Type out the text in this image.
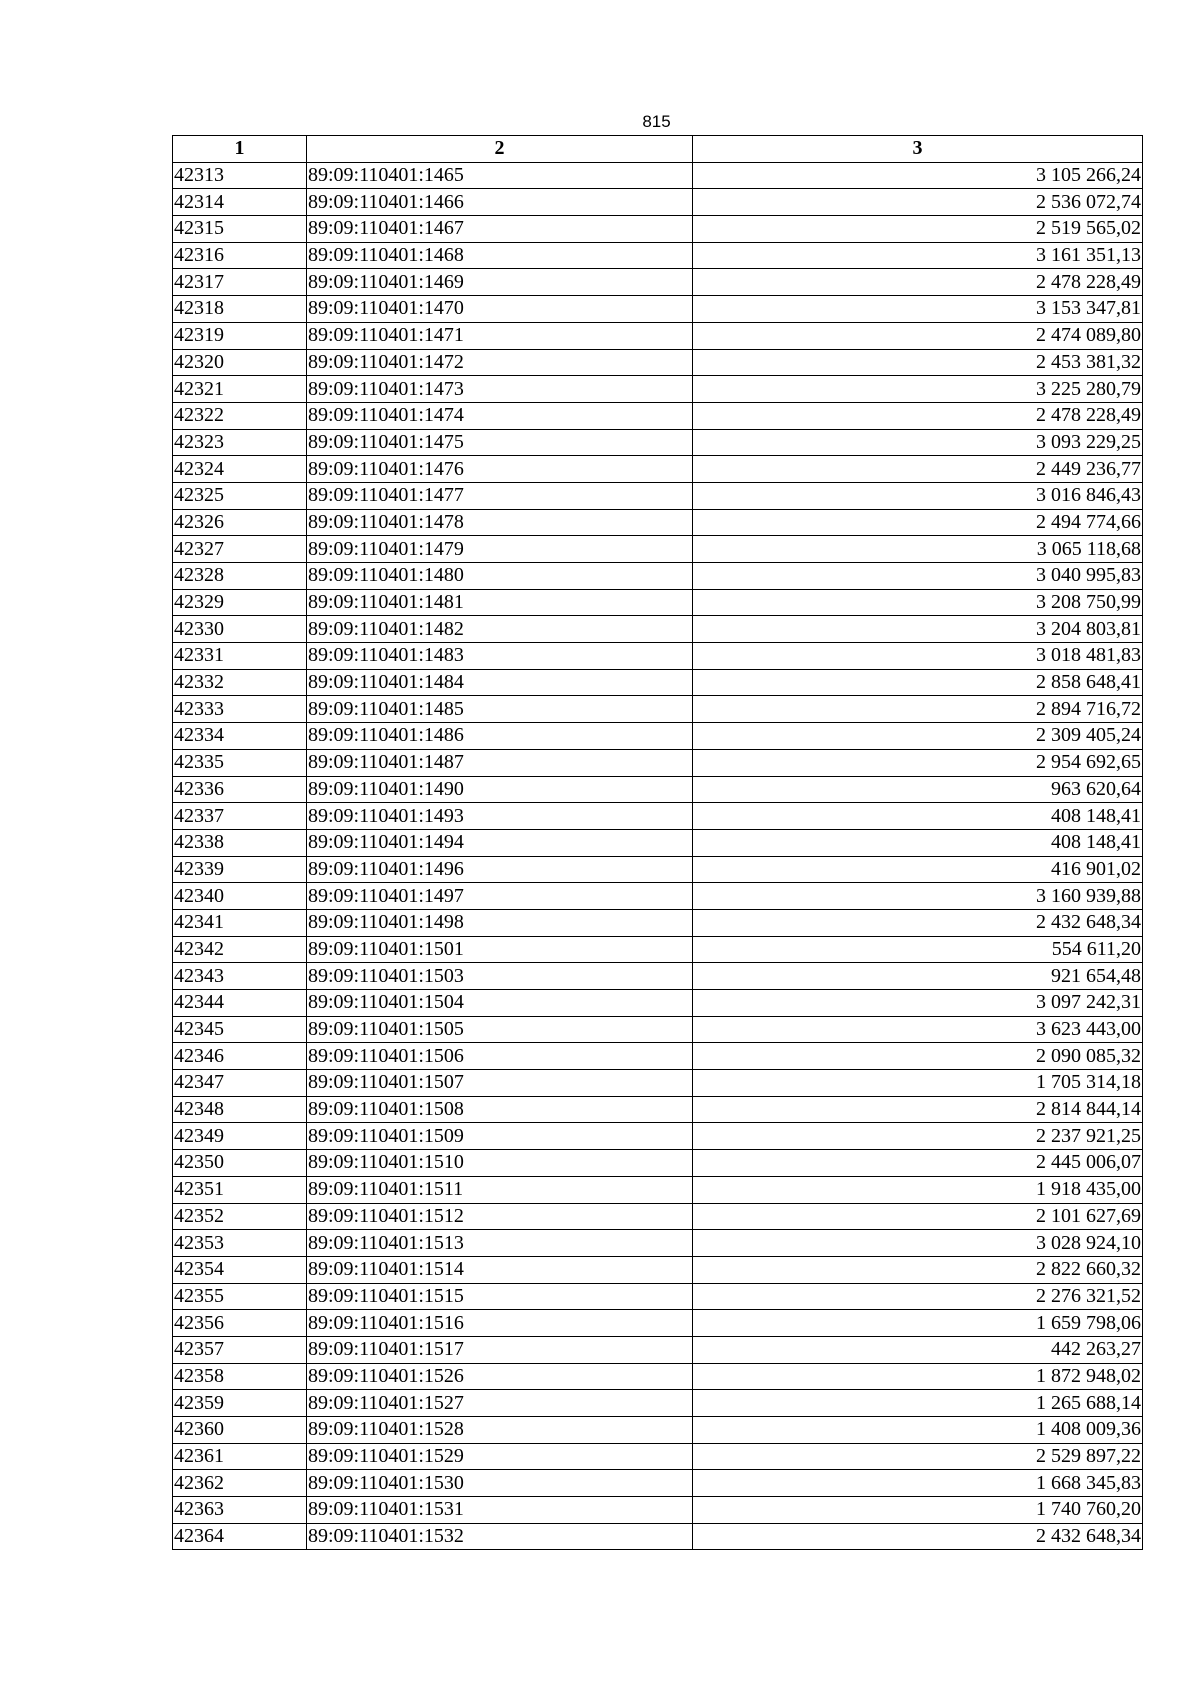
815
1	2	3
42313	89:09:110401:1465	3 105 266,24
42314	89:09:110401:1466	2 536 072,74
42315	89:09:110401:1467	2 519 565,02
42316	89:09:110401:1468	3 161 351,13
42317	89:09:110401:1469	2 478 228,49
42318	89:09:110401:1470	3 153 347,81
42319	89:09:110401:1471	2 474 089,80
42320	89:09:110401:1472	2 453 381,32
42321	89:09:110401:1473	3 225 280,79
42322	89:09:110401:1474	2 478 228,49
42323	89:09:110401:1475	3 093 229,25
42324	89:09:110401:1476	2 449 236,77
42325	89:09:110401:1477	3 016 846,43
42326	89:09:110401:1478	2 494 774,66
42327	89:09:110401:1479	3 065 118,68
42328	89:09:110401:1480	3 040 995,83
42329	89:09:110401:1481	3 208 750,99
42330	89:09:110401:1482	3 204 803,81
42331	89:09:110401:1483	3 018 481,83
42332	89:09:110401:1484	2 858 648,41
42333	89:09:110401:1485	2 894 716,72
42334	89:09:110401:1486	2 309 405,24
42335	89:09:110401:1487	2 954 692,65
42336	89:09:110401:1490	963 620,64
42337	89:09:110401:1493	408 148,41
42338	89:09:110401:1494	408 148,41
42339	89:09:110401:1496	416 901,02
42340	89:09:110401:1497	3 160 939,88
42341	89:09:110401:1498	2 432 648,34
42342	89:09:110401:1501	554 611,20
42343	89:09:110401:1503	921 654,48
42344	89:09:110401:1504	3 097 242,31
42345	89:09:110401:1505	3 623 443,00
42346	89:09:110401:1506	2 090 085,32
42347	89:09:110401:1507	1 705 314,18
42348	89:09:110401:1508	2 814 844,14
42349	89:09:110401:1509	2 237 921,25
42350	89:09:110401:1510	2 445 006,07
42351	89:09:110401:1511	1 918 435,00
42352	89:09:110401:1512	2 101 627,69
42353	89:09:110401:1513	3 028 924,10
42354	89:09:110401:1514	2 822 660,32
42355	89:09:110401:1515	2 276 321,52
42356	89:09:110401:1516	1 659 798,06
42357	89:09:110401:1517	442 263,27
42358	89:09:110401:1526	1 872 948,02
42359	89:09:110401:1527	1 265 688,14
42360	89:09:110401:1528	1 408 009,36
42361	89:09:110401:1529	2 529 897,22
42362	89:09:110401:1530	1 668 345,83
42363	89:09:110401:1531	1 740 760,20
42364	89:09:110401:1532	2 432 648,34
